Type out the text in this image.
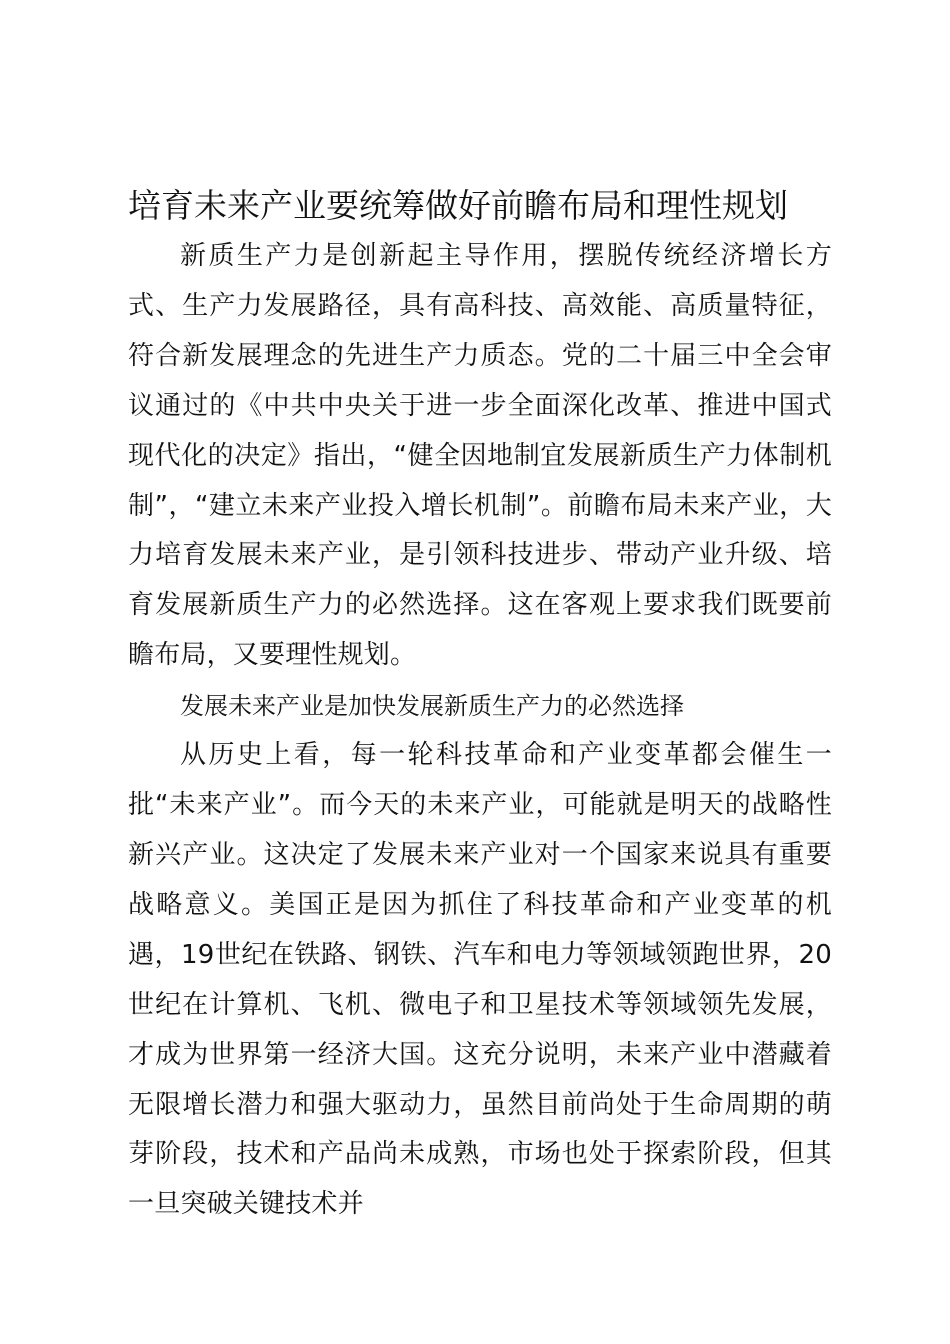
培育未来产业要统筹做好前瞻布局和理性规划

新质生产力是创新起主导作用，摆脱传统经济增长方式、生产力发展路径，具有高科技、高效能、高质量特征，符合新发展理念的先进生产力质态。党的二十届三中全会审议通过的《中共中央关于进一步全面深化改革、推进中国式现代化的决定》指出，“健全因地制宜发展新质生产力体制机制”，“建立未来产业投入增长机制”。前瞻布局未来产业，大力培育发展未来产业，是引领科技进步、带动产业升级、培育发展新质生产力的必然选择。这在客观上要求我们既要前瞻布局，又要理性规划。

发展未来产业是加快发展新质生产力的必然选择

从历史上看，每一轮科技革命和产业变革都会催生一批“未来产业”。而今天的未来产业，可能就是明天的战略性新兴产业。这决定了发展未来产业对一个国家来说具有重要战略意义。美国正是因为抓住了科技革命和产业变革的机遇，19世纪在铁路、钢铁、汽车和电力等领域领跑世界，20世纪在计算机、飞机、微电子和卫星技术等领域领先发展，才成为世界第一经济大国。这充分说明，未来产业中潜藏着无限增长潜力和强大驱动力，虽然目前尚处于生命周期的萌芽阶段，技术和产品尚未成熟，市场也处于探索阶段，但其一旦突破关键技术并
